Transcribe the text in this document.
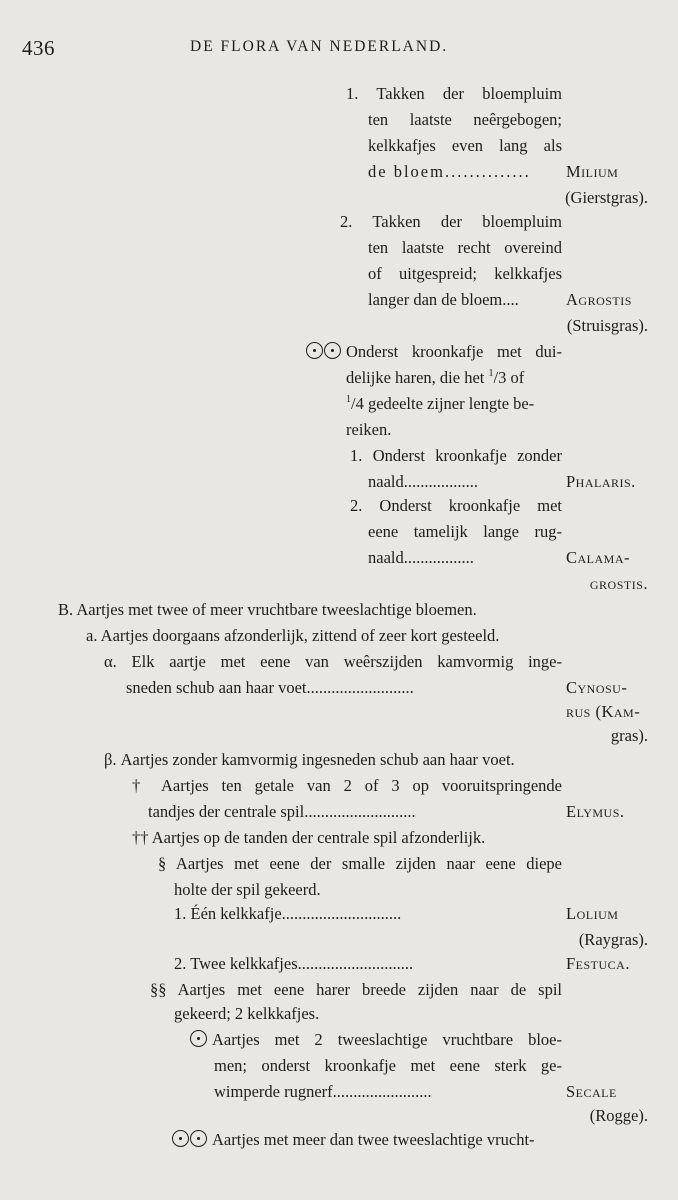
436	DE FLORA VAN NEDERLAND.
1. Takken der bloempluim
ten laatste neêrgebogen;
kelkkafjes even lang als
de bloem.............. Milium
(Gierstgras).
2. Takken der bloempluim
ten laatste recht overeind
of uitgespreid; kelkkafjes
langer dan de bloem....	Agrostis
(Struisgras).
Onderst kroonkafje met dui-
delijke haren, die het $^1$/3 of
$^1$/4 gedeelte zijner lengte be-
reiken.
1. Onderst kroonkafje zonder
naald..................	Phalaris.
2. Onderst kroonkafje met
eene tamelijk lange rug-
naald.................	Calama-
grostis.
B. Aartjes met twee of meer vruchtbare tweeslachtige bloemen.
a. Aartjes doorgaans afzonderlijk, zittend of zeer kort gesteeld.
α. Elk aartje met eene van weêrszijden kamvormig inge-
sneden schub aan haar voet..........................	Cynosu-
rus (Kam-
gras).
β. Aartjes zonder kamvormig ingesneden schub aan haar voet.
† Aartjes ten getale van 2 of 3 op vooruitspringende
tandjes der centrale spil...........................	Elymus.
†† Aartjes op de tanden der centrale spil afzonderlijk.
§ Aartjes met eene der smalle zijden naar eene diepe
holte der spil gekeerd.
1. Één kelkkafje.............................	Lolium
(Raygras).
2. Twee kelkkafjes............................	Festuca.
§§ Aartjes met eene harer breede zijden naar de spil
gekeerd; 2 kelkkafjes.
Aartjes met 2 tweeslachtige vruchtbare bloe-
men; onderst kroonkafje met eene sterk ge-
wimperde rugnerf........................	Secale
(Rogge).
Aartjes met meer dan twee tweeslachtige vrucht-
